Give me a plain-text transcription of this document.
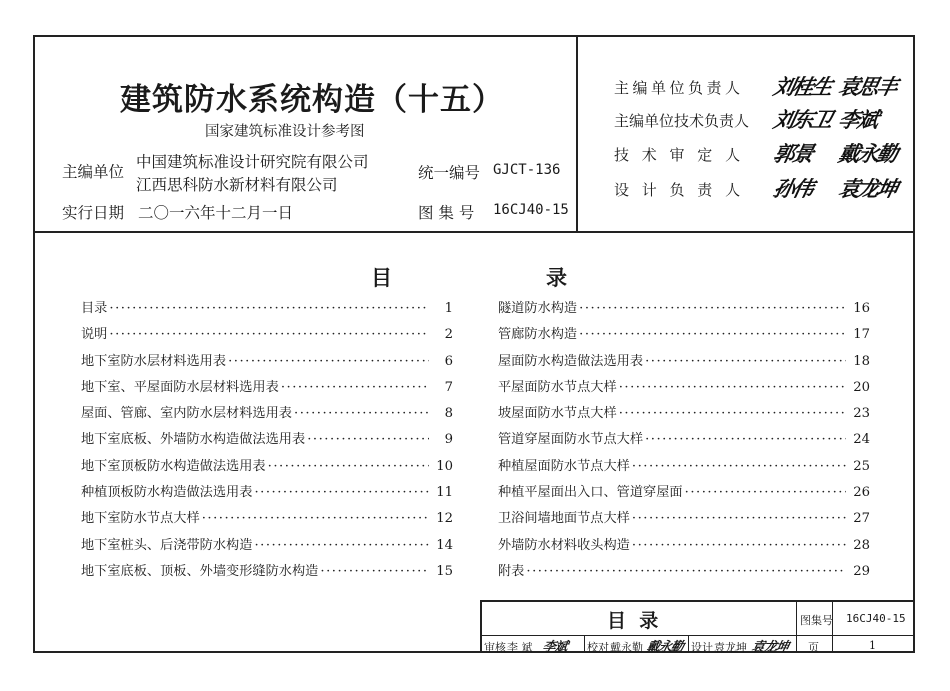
建筑防水系统构造（十五）
国家建筑标准设计参考图
主编单位
中国建筑标准设计研究院有限公司
江西思科防水新材料有限公司
统一编号 GJCT-136
实行日期 二〇一六年十二月一日	图 集 号 16CJ40-15
主编单位负责人 刘桂生 袁思丰
主编单位技术负责人 刘东卫 李斌
技 术 审 定 人 郭景 戴永勤
设 计 负 责 人 孙伟 袁龙坤
目	录
目录 ·····	1
说明 ·····	2
地下室防水层材料选用表 ·····	6
地下室、平屋面防水层材料选用表 ·····	7
屋面、管廊、室内防水层材料选用表 ·····	8
地下室底板、外墙防水构造做法选用表 ·····	9
地下室顶板防水构造做法选用表 ·····	10
种植顶板防水构造做法选用表 ·····	11
地下室防水节点大样 ·····	12
地下室桩头、后浇带防水构造 ·····	14
地下室底板、顶板、外墙变形缝防水构造 ·····	15
隧道防水构造 ·····	16
管廊防水构造 ·····	17
屋面防水构造做法选用表 ·····	18
平屋面防水节点大样 ·····	20
坡屋面防水节点大样 ·····	23
管道穿屋面防水节点大样 ·····	24
种植屋面防水节点大样 ·····	25
种植平屋面出入口、管道穿屋面 ·····	26
卫浴间墙地面节点大样 ·····	27
外墙防水材料收头构造 ·····	28
附表 ·····	29
目  录	图集号 16CJ40-15
页	1
审核 李 斌 李斌 校对 戴永勤 戴永勤 设计 袁龙坤 袁龙坤
